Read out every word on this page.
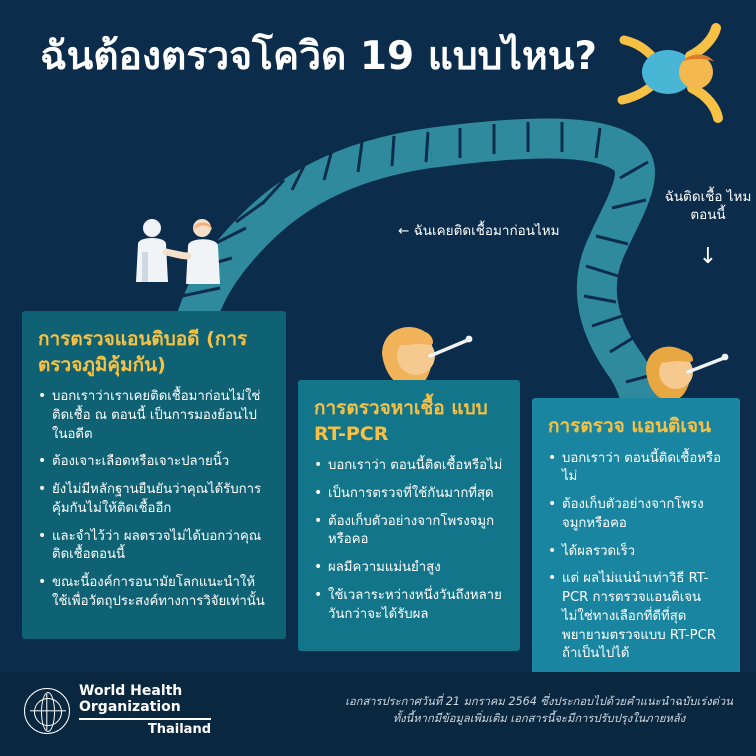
ฉันต้องตรวจโควิด 19 แบบไหน?
← ฉันเคยติดเชื้อมาก่อนไหม
ฉันติดเชื้อ ไหมตอนนี้
↓
การตรวจแอนติบอดี (การตรวจภูมิคุ้มกัน)
• บอกเราว่าเราเคยติดเชื้อมาก่อนไม่ใช่ติดเชื้อ ณ ตอนนี้ เป็นการมองย้อนไปในอดีต
• ต้องเจาะเลือดหรือเจาะปลายนิ้ว
• ยังไม่มีหลักฐานยืนยันว่าคุณได้รับการคุ้มกันไม่ให้ติดเชื้ออีก
• และจำไว้ว่า ผลตรวจไม่ได้บอกว่าคุณติดเชื้อตอนนี้
• ขณะนี้องค์การอนามัยโลกแนะนำให้ใช้เพื่อวัตถุประสงค์ทางการวิจัยเท่านั้น
การตรวจหาเชื้อ แบบ RT-PCR
• บอกเราว่า ตอนนี้ติดเชื้อหรือไม่
• เป็นการตรวจที่ใช้กันมากที่สุด
• ต้องเก็บตัวอย่างจากโพรงจมูกหรือคอ
• ผลมีความแม่นยำสูง
• ใช้เวลาระหว่างหนึ่งวันถึงหลายวันกว่าจะได้รับผล
การตรวจ แอนติเจน
• บอกเราว่า ตอนนี้ติดเชื้อหรือไม่
• ต้องเก็บตัวอย่างจากโพรงจมูกหรือคอ
• ได้ผลรวดเร็ว
• แต่ ผลไม่แน่นำเท่าวิธี RT-PCR การตรวจแอนติเจนไม่ใช่ทางเลือกที่ดีที่สุด พยายามตรวจแบบ RT-PCR ถ้าเป็นไปได้
World Health
Organization
Thailand
เอกสารประกาศวันที่ 21 มกราคม 2564 ซึ่งประกอบไปด้วยคำแนะนำฉบับเร่งด่วน ทั้งนี้หากมีข้อมูลเพิ่มเติม เอกสารนี้จะมีการปรับปรุงในภายหลัง
